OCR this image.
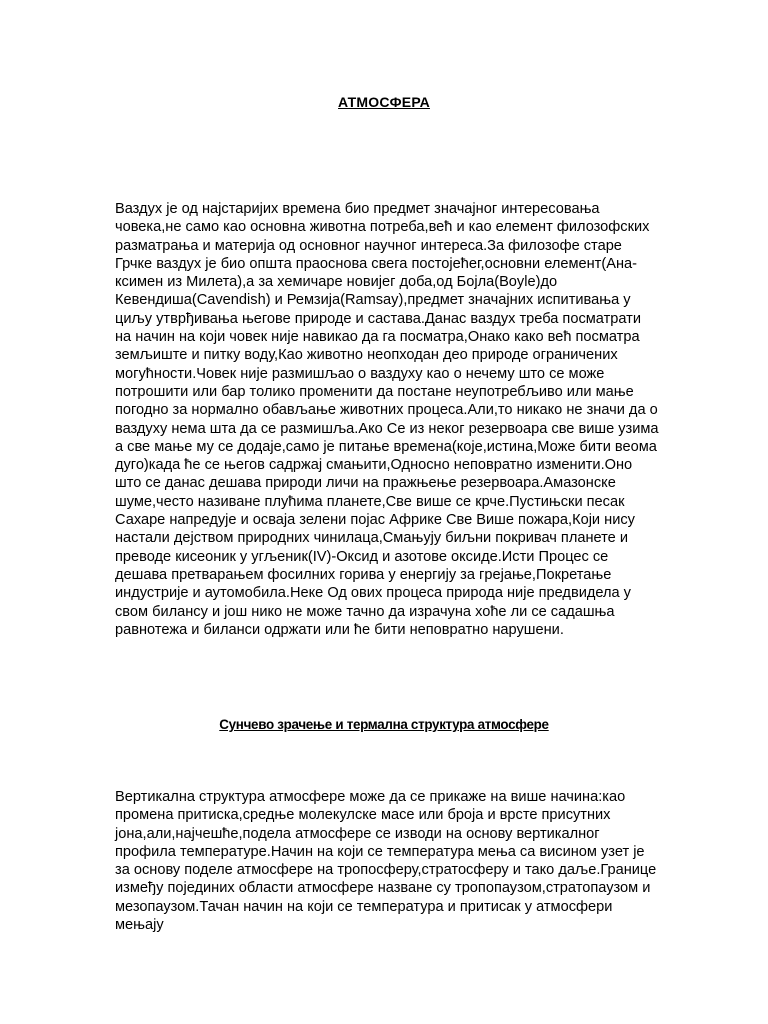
АТМОСФЕРА
Ваздух је од најстаријих времена био предмет значајног интересовања човека,не само као основна животна потреба,већ и као елемент филозофских разматрања и материја од основног научног интереса.За филозофе старе Грчке ваздух је био општа праоснова свега постојећег,основни елемент(Ана-ксимен из Милета),а за хемичаре новијег доба,од Бојла(Boyle)до Кевендиша(Cavendish) и Ремзија(Ramsay),предмет значајних испитивања у циљу утврђивања његове природе и састава.Данас ваздух треба посматрати на начин на који човек није навикао да га посматра,Онако како већ посматра земљиште и питку воду,Као животно неопходан део природе ограничених могућности.Човек није размишљао о ваздуху као о нечему што се може потрошити или бар толико променити да постане неупотребљиво или мање погодно за нормално обављање животних процеса.Али,то никако не значи да о ваздуху нема шта да се размишља.Ако Се из неког резервоара све више узима а све мање му се додаје,само је питање времена(које,истина,Може бити веома дуго)када ће се његов садржај смањити,Односно неповратно изменити.Оно што се данас дешава природи личи на пражњење резервоара.Амазонске шуме,често називане плућима планете,Све више се крче.Пустињски песак Сахаре напредује и осваја зелени појас Африке Све Више пожара,Који нису настали дејством природних чинилаца,Смањују биљни покривач планете и преводе кисеоник у угљеник(IV)-Оксид и азотове оксиде.Исти Процес се дешава претварањем фосилних горива у енергију за грејање,Покретање индустрије и аутомобила.Неке Од ових процеса природа није предвидела у свом билансу и још нико не може тачно да израчуна хоће ли се садашња равнотежа и биланси одржати или ће бити неповратно нарушени.
Сунчево зрачење и термална структура атмосфере
Вертикална структура атмосфере може да се прикаже на више начина:као промена притиска,средње молекулске масе или броја и врсте присутних јона,али,најчешће,подела атмосфере се изводи на основу вертикалног профила температуре.Начин на који се температура мења са висином узет је за основу поделе атмосфере на тропосферу,стратосферу и тако даље.Границе између појединих области атмосфере назване су тропопаузом,стратопаузом и мезопаузом.Тачан начин на који се температура и притисак у атмосфери мењају
